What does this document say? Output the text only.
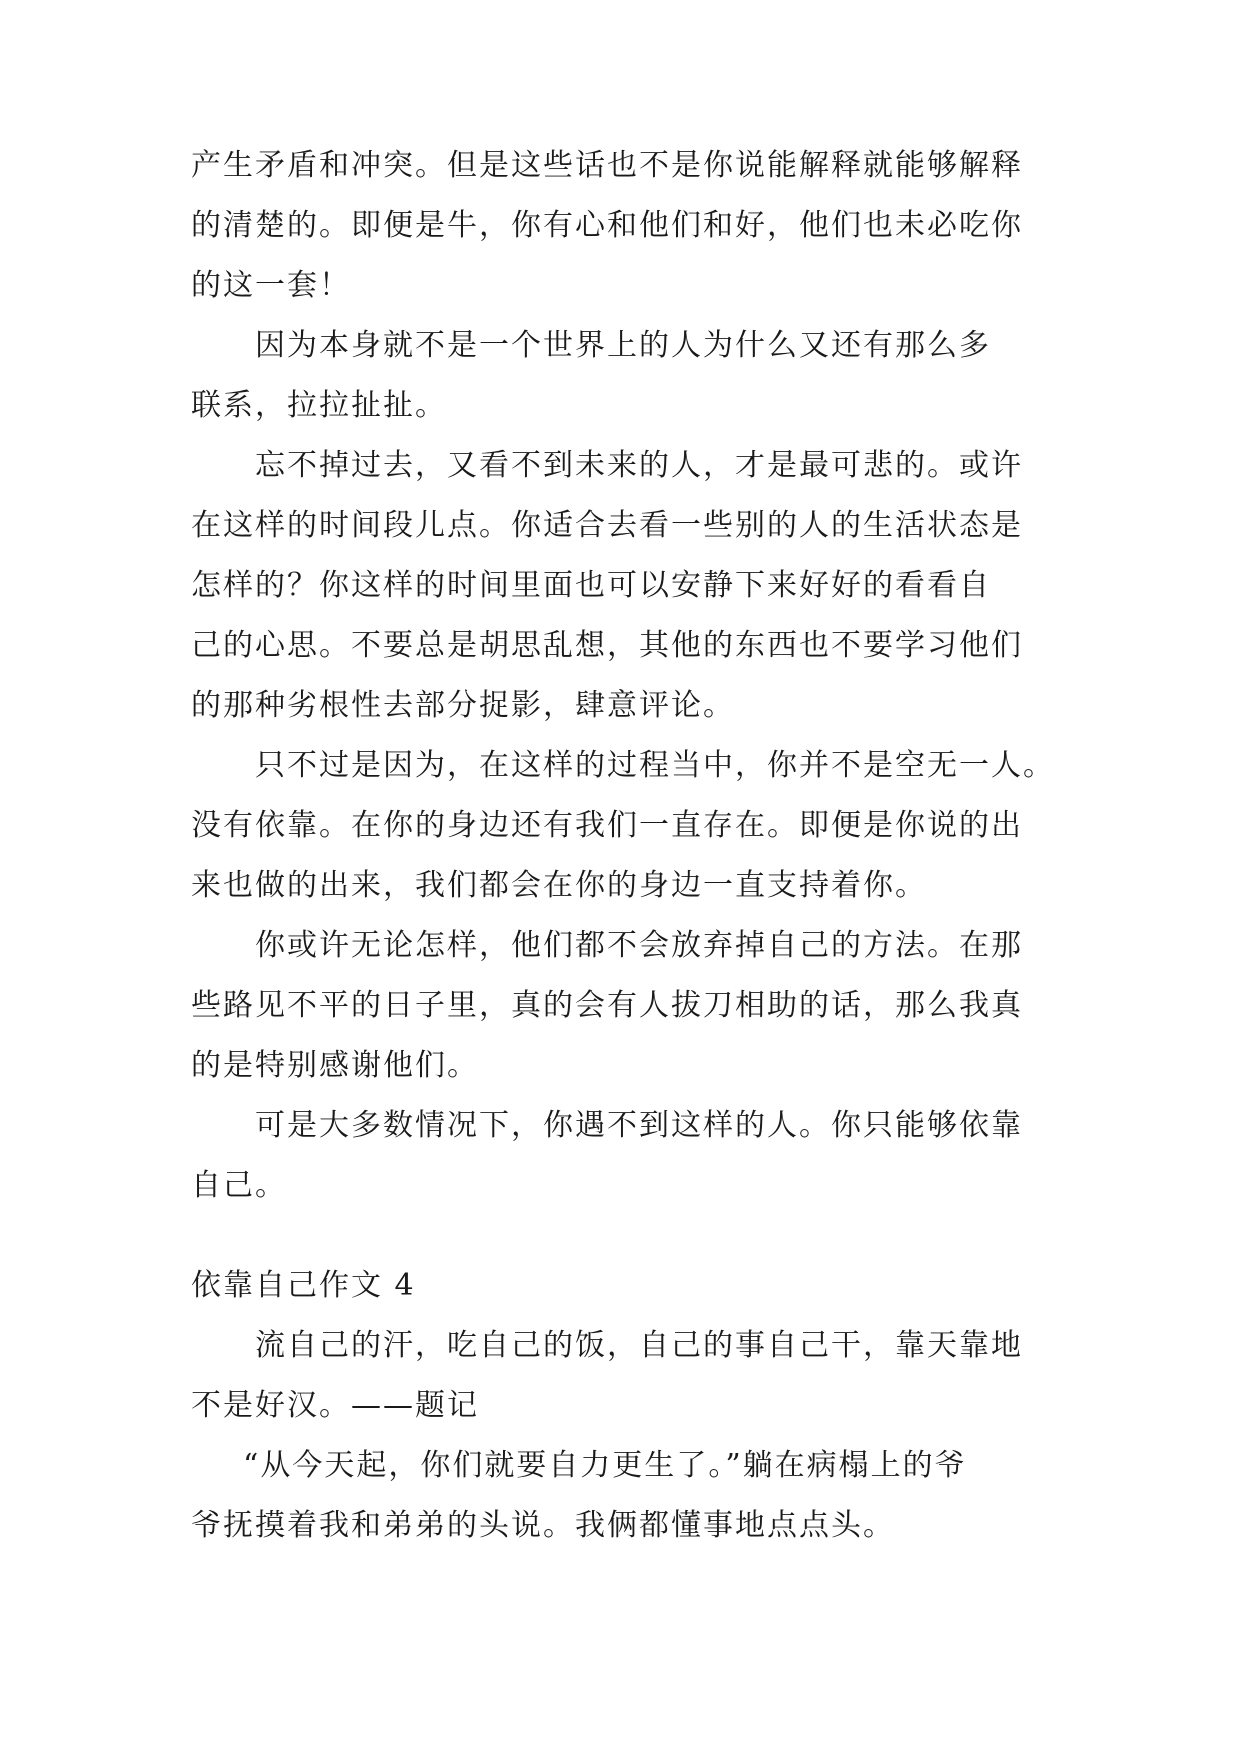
产生矛盾和冲突。但是这些话也不是你说能解释就能够解释
的清楚的。即便是牛，你有心和他们和好，他们也未必吃你
的这一套！
因为本身就不是一个世界上的人为什么又还有那么多
联系，拉拉扯扯。
忘不掉过去，又看不到未来的人，才是最可悲的。或许
在这样的时间段儿点。你适合去看一些别的人的生活状态是
怎样的？你这样的时间里面也可以安静下来好好的看看自
己的心思。不要总是胡思乱想，其他的东西也不要学习他们
的那种劣根性去部分捉影，肆意评论。
只不过是因为，在这样的过程当中，你并不是空无一人。
没有依靠。在你的身边还有我们一直存在。即便是你说的出
来也做的出来，我们都会在你的身边一直支持着你。
你或许无论怎样，他们都不会放弃掉自己的方法。在那
些路见不平的日子里，真的会有人拔刀相助的话，那么我真
的是特别感谢他们。
可是大多数情况下，你遇不到这样的人。你只能够依靠
自己。
依靠自己作文 4
流自己的汗，吃自己的饭，自己的事自己干，靠天靠地
不是好汉。——题记
“从今天起，你们就要自力更生了。”躺在病榻上的爷
爷抚摸着我和弟弟的头说。我俩都懂事地点点头。
